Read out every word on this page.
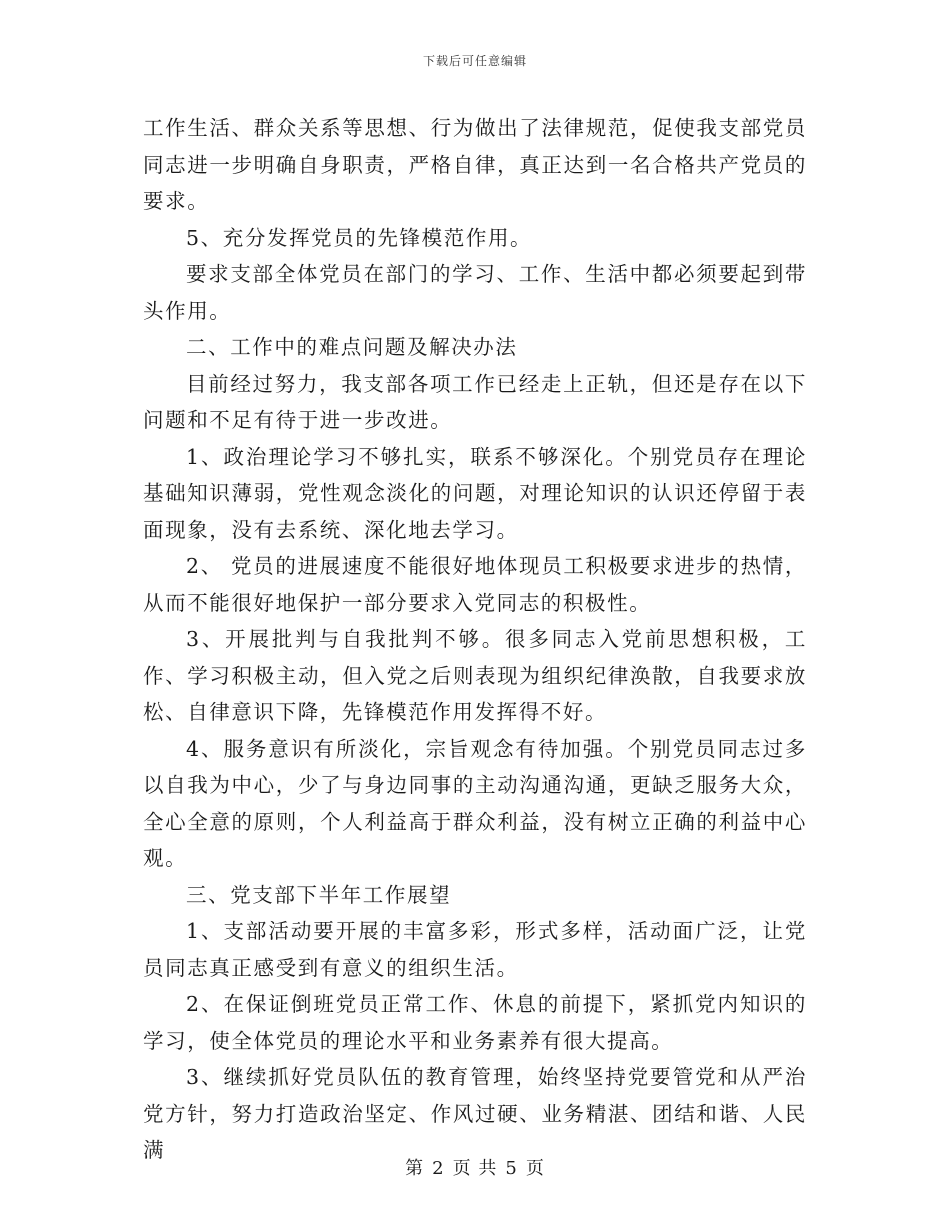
下载后可任意编辑

工作生活、群众关系等思想、行为做出了法律规范，促使我支部党员同志进一步明确自身职责，严格自律，真正达到一名合格共产党员的要求。

5、充分发挥党员的先锋模范作用。

要求支部全体党员在部门的学习、工作、生活中都必须要起到带头作用。

二、工作中的难点问题及解决办法

目前经过努力，我支部各项工作已经走上正轨，但还是存在以下问题和不足有待于进一步改进。

1、政治理论学习不够扎实，联系不够深化。个别党员存在理论基础知识薄弱，党性观念淡化的问题，对理论知识的认识还停留于表面现象，没有去系统、深化地去学习。

2、 党员的进展速度不能很好地体现员工积极要求进步的热情，从而不能很好地保护一部分要求入党同志的积极性。

3、开展批判与自我批判不够。很多同志入党前思想积极，工作、学习积极主动，但入党之后则表现为组织纪律涣散，自我要求放松、自律意识下降，先锋模范作用发挥得不好。

4、服务意识有所淡化，宗旨观念有待加强。个别党员同志过多以自我为中心，少了与身边同事的主动沟通沟通，更缺乏服务大众，全心全意的原则，个人利益高于群众利益，没有树立正确的利益中心观。

三、党支部下半年工作展望

1、支部活动要开展的丰富多彩，形式多样，活动面广泛，让党员同志真正感受到有意义的组织生活。

2、在保证倒班党员正常工作、休息的前提下，紧抓党内知识的学习，使全体党员的理论水平和业务素养有很大提高。

3、继续抓好党员队伍的教育管理，始终坚持党要管党和从严治党方针，努力打造政治坚定、作风过硬、业务精湛、团结和谐、人民满

第 2 页 共 5 页
